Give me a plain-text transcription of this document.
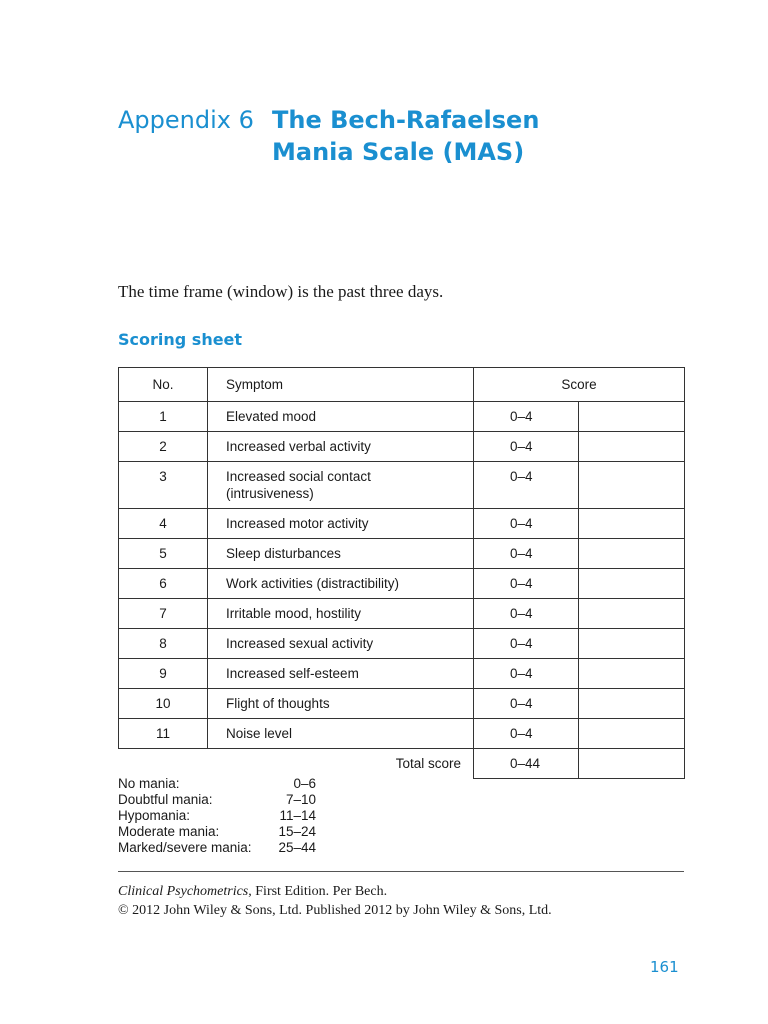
Appendix 6 The Bech-Rafaelsen
Mania Scale (MAS)

The time frame (window) is the past three days.

Scoring sheet
No.	Symptom	Score	
1	Elevated mood	0–4	
2	Increased verbal activity	0–4	
3	Increased social contact
(intrusiveness)	0–4	
4	Increased motor activity	0–4	
5	Sleep disturbances	0–4	
6	Work activities (distractibility)	0–4	
7	Irritable mood, hostility	0–4	
8	Increased sexual activity	0–4	
9	Increased self-esteem	0–4	
10	Flight of thoughts	0–4	
11	Noise level	0–4	
	Total score	0–44	
No mania:	0–6
Doubtful mania:	7–10
Hypomania:	11–14
Moderate mania:	15–24
Marked/severe mania:	25–44

Clinical Psychometrics, First Edition. Per Bech.
© 2012 John Wiley & Sons, Ltd. Published 2012 by John Wiley & Sons, Ltd.

161
